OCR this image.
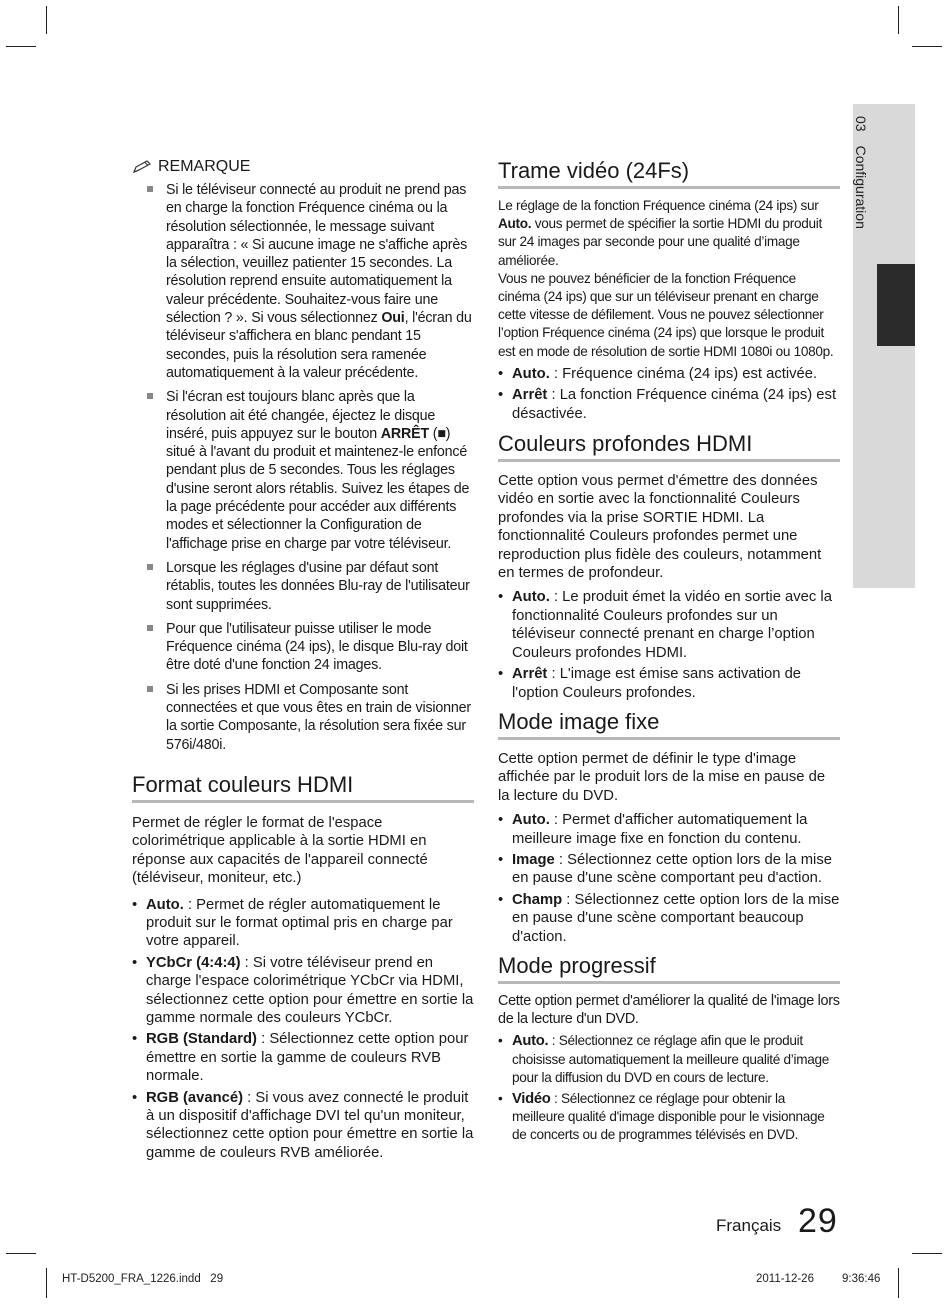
03Configuration
REMARQUE
Si le téléviseur connecté au produit ne prend pas en charge la fonction Fréquence cinéma ou la résolution sélectionnée, le message suivant apparaîtra : « Si aucune image ne s'affiche après la sélection, veuillez patienter 15 secondes. La résolution reprend ensuite automatiquement la valeur précédente. Souhaitez-vous faire une sélection ? ». Si vous sélectionnez Oui, l'écran du téléviseur s'affichera en blanc pendant 15 secondes, puis la résolution sera ramenée automatiquement à la valeur précédente.
Si l'écran est toujours blanc après que la résolution ait été changée, éjectez le disque inséré, puis appuyez sur le bouton ARRÊT (■) situé à l'avant du produit et maintenez-le enfoncé pendant plus de 5 secondes. Tous les réglages d'usine seront alors rétablis. Suivez les étapes de la page précédente pour accéder aux différents modes et sélectionner la Configuration de l'affichage prise en charge par votre téléviseur.
Lorsque les réglages d'usine par défaut sont rétablis, toutes les données Blu-ray de l'utilisateur sont supprimées.
Pour que l'utilisateur puisse utiliser le mode Fréquence cinéma (24 ips), le disque Blu-ray doit être doté d'une fonction 24 images.
Si les prises HDMI et Composante sont connectées et que vous êtes en train de visionner la sortie Composante, la résolution sera fixée sur 576i/480i.
Format couleurs HDMI

Permet de régler le format de l'espace colorimétrique applicable à la sortie HDMI en réponse aux capacités de l'appareil connecté (téléviseur, moniteur, etc.)

• Auto. : Permet de régler automatiquement le produit sur le format optimal pris en charge par votre appareil.
• YCbCr (4:4:4) : Si votre téléviseur prend en charge l'espace colorimétrique YCbCr via HDMI, sélectionnez cette option pour émettre en sortie la gamme normale des couleurs YCbCr.
• RGB (Standard) : Sélectionnez cette option pour émettre en sortie la gamme de couleurs RVB normale.
• RGB (avancé) : Si vous avez connecté le produit à un dispositif d'affichage DVI tel qu'un moniteur, sélectionnez cette option pour émettre en sortie la gamme de couleurs RVB améliorée.
Trame vidéo (24Fs)

Le réglage de la fonction Fréquence cinéma (24 ips) sur Auto. vous permet de spécifier la sortie HDMI du produit sur 24 images par seconde pour une qualité d’image améliorée.

Vous ne pouvez bénéficier de la fonction Fréquence cinéma (24 ips) que sur un téléviseur prenant en charge cette vitesse de défilement. Vous ne pouvez sélectionner l’option Fréquence cinéma (24 ips) que lorsque le produit est en mode de résolution de sortie HDMI 1080i ou 1080p.

• Auto. : Fréquence cinéma (24 ips) est activée.
• Arrêt : La fonction Fréquence cinéma (24 ips) est désactivée.
Couleurs profondes HDMI

Cette option vous permet d'émettre des données vidéo en sortie avec la fonctionnalité Couleurs profondes via la prise SORTIE HDMI. La fonctionnalité Couleurs profondes permet une reproduction plus fidèle des couleurs, notamment en termes de profondeur.

• Auto. : Le produit émet la vidéo en sortie avec la fonctionnalité Couleurs profondes sur un téléviseur connecté prenant en charge l’option Couleurs profondes HDMI.
• Arrêt : L'image est émise sans activation de l'option Couleurs profondes.
Mode image fixe

Cette option permet de définir le type d'image affichée par le produit lors de la mise en pause de la lecture du DVD.

• Auto. : Permet d'afficher automatiquement la meilleure image fixe en fonction du contenu.
• Image : Sélectionnez cette option lors de la mise en pause d'une scène comportant peu d'action.
• Champ : Sélectionnez cette option lors de la mise en pause d'une scène comportant beaucoup d'action.
Mode progressif

Cette option permet d'améliorer la qualité de l'image lors de la lecture d'un DVD.

• Auto. : Sélectionnez ce réglage afin que le produit choisisse automatiquement la meilleure qualité d’image pour la diffusion du DVD en cours de lecture.
• Vidéo : Sélectionnez ce réglage pour obtenir la meilleure qualité d'image disponible pour le visionnage de concerts ou de programmes télévisés en DVD.
Français 29
HT-D5200_FRA_1226.indd   29	2011-12-26 9:36:46
